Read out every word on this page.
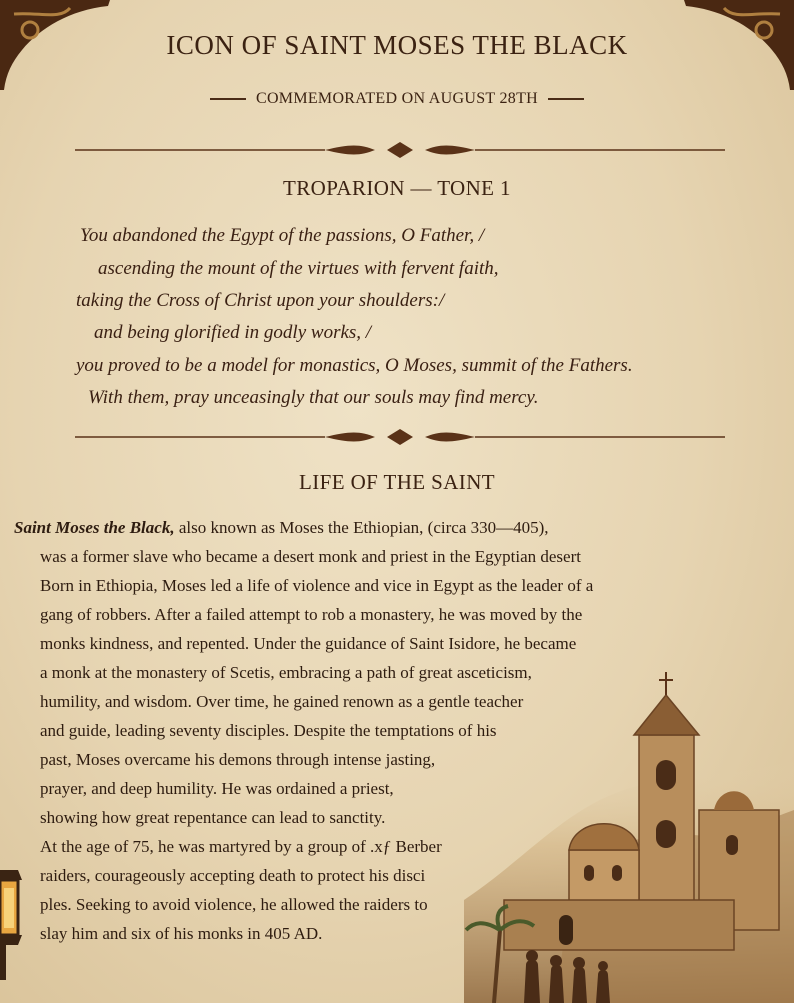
ICON OF SAINT MOSES THE BLACK
COMMEMORATED ON AUGUST 28TH
TROPARION — TONE 1
You abandoned the Egypt of the passions, O Father, /
ascending the mount of the virtues with fervent faith,
taking the Cross of Christ upon your shoulders:/
and being glorified in godly works, /
you proved to be a model for monastics, O Moses, summit of the Fathers.
With them, pray unceasingly that our souls may find mercy.
LIFE OF THE SAINT
Saint Moses the Black, also known as Moses the Ethiopian, (circa 330—405),
was a former slave who became a desert monk and priest in the Egyptian desert
Born in Ethiopia, Moses led a life of violence and vice in Egypt as the leader of a
gang of robbers. After a failed attempt to rob a monastery, he was moved by the
monks kindness, and repented. Under the guidance of Saint Isidore, he became
a monk at the monastery of Scetis, embracing a path of great asceticism,
humility, and wisdom. Over time, he gained renown as a gentle teacher
and guide, leading seventy disciples. Despite the temptations of his
past, Moses overcame his demons through intense jasting,
prayer, and deep humility. He was ordained a priest,
showing how great repentance can lead to sanctity.
At the age of 75, he was martyred by a group of .xƒ Berber
raiders, courageously accepting death to protect his disci
ples. Seeking to avoid violence, he allowed the raiders to
slay him and six of his monks in 405 AD.
